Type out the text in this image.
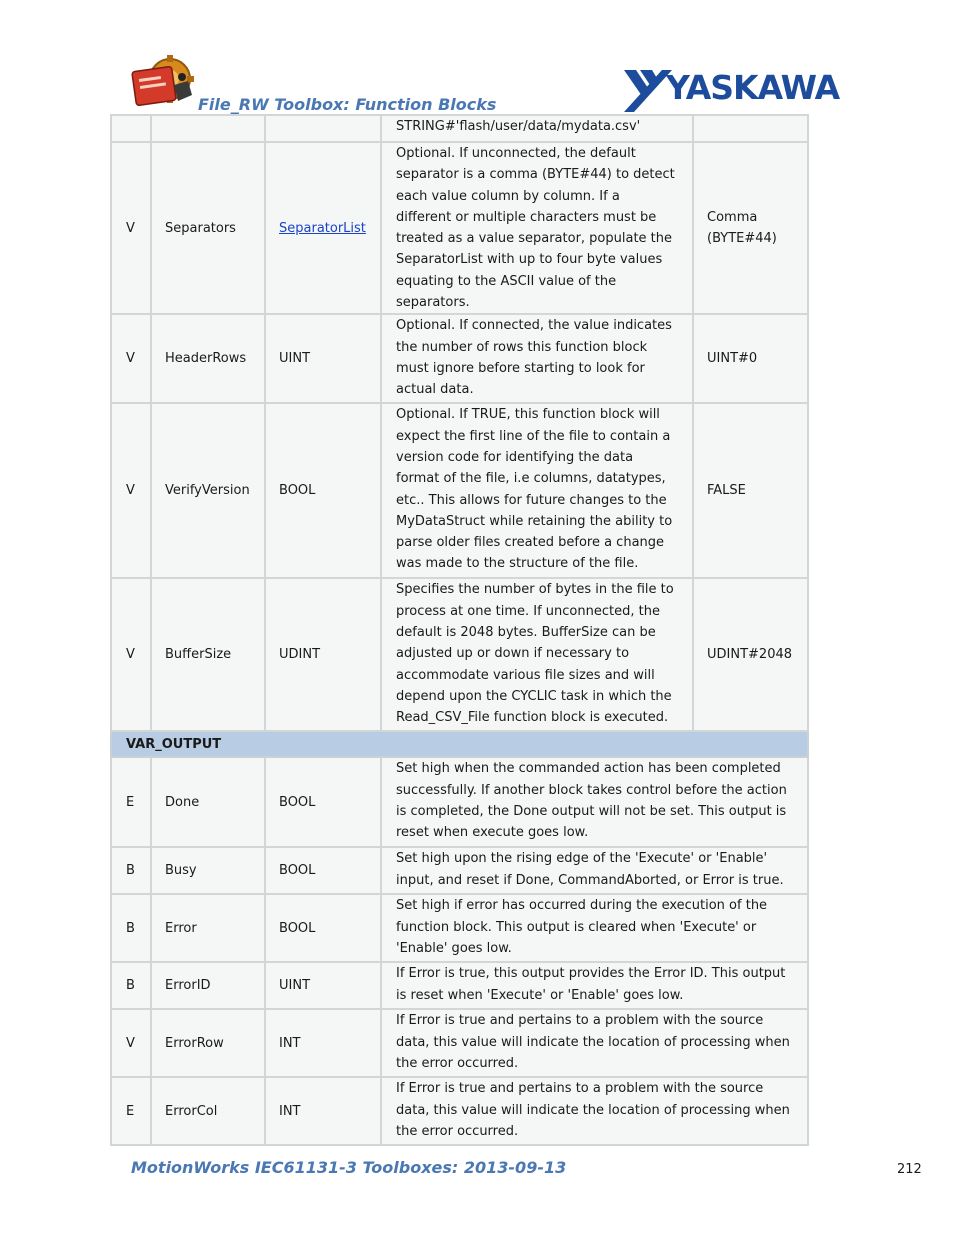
File_RW Toolbox: Function Blocks	YASKAWA
			STRING#'flash/user/data/mydata.csv'	
V	Separators	SeparatorList	Optional. If unconnected, the default separator is a comma (BYTE#44) to detect each value column by column. If a different or multiple characters must be treated as a value separator, populate the SeparatorList with up to four byte values equating to the ASCII value of the separators.	Comma (BYTE#44)
V	HeaderRows	UINT	Optional. If connected, the value indicates the number of rows this function block must ignore before starting to look for actual data.	UINT#0
V	VerifyVersion	BOOL	Optional. If TRUE, this function block will expect the first line of the file to contain a version code for identifying the data format of the file, i.e columns, datatypes, etc.. This allows for future changes to the MyDataStruct while retaining the ability to parse older files created before a change was made to the structure of the file.	FALSE
V	BufferSize	UDINT	Specifies the number of bytes in the file to process at one time. If unconnected, the default is 2048 bytes. BufferSize can be adjusted up or down if necessary to accommodate various file sizes and will depend upon the CYCLIC task in which the Read_CSV_File function block is executed.	UDINT#2048
VAR_OUTPUT				
E	Done	BOOL	Set high when the commanded action has been completed successfully. If another block takes control before the action is completed, the Done output will not be set. This output is reset when execute goes low.	
B	Busy	BOOL	Set high upon the rising edge of the 'Execute' or 'Enable' input, and reset if Done, CommandAborted, or Error is true.	
B	Error	BOOL	Set high if error has occurred during the execution of the function block. This output is cleared when 'Execute' or 'Enable' goes low.	
B	ErrorID	UINT	If Error is true, this output provides the Error ID. This output is reset when 'Execute' or 'Enable' goes low.	
V	ErrorRow	INT	If Error is true and pertains to a problem with the source data, this value will indicate the location of processing when the error occurred.	
E	ErrorCol	INT	If Error is true and pertains to a problem with the source data, this value will indicate the location of processing when the error occurred.	
MotionWorks IEC61131-3 Toolboxes: 2013-09-13	212
